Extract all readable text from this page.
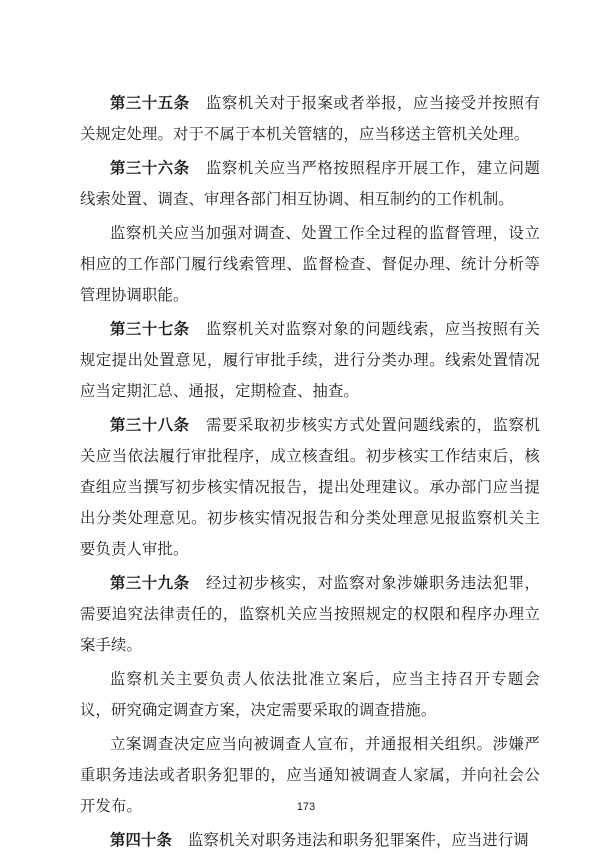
第三十五条 监察机关对于报案或者举报，应当接受并按照有关规定处理。对于不属于本机关管辖的，应当移送主管机关处理。

第三十六条 监察机关应当严格按照程序开展工作，建立问题线索处置、调查、审理各部门相互协调、相互制约的工作机制。

监察机关应当加强对调查、处置工作全过程的监督管理，设立相应的工作部门履行线索管理、监督检查、督促办理、统计分析等管理协调职能。

第三十七条 监察机关对监察对象的问题线索，应当按照有关规定提出处置意见，履行审批手续，进行分类办理。线索处置情况应当定期汇总、通报，定期检查、抽查。

第三十八条 需要采取初步核实方式处置问题线索的，监察机关应当依法履行审批程序，成立核查组。初步核实工作结束后，核查组应当撰写初步核实情况报告，提出处理建议。承办部门应当提出分类处理意见。初步核实情况报告和分类处理意见报监察机关主要负责人审批。

第三十九条 经过初步核实，对监察对象涉嫌职务违法犯罪，需要追究法律责任的，监察机关应当按照规定的权限和程序办理立案手续。

监察机关主要负责人依法批准立案后，应当主持召开专题会议，研究确定调查方案，决定需要采取的调查措施。

立案调查决定应当向被调查人宣布，并通报相关组织。涉嫌严重职务违法或者职务犯罪的，应当通知被调查人家属，并向社会公开发布。

第四十条 监察机关对职务违法和职务犯罪案件，应当进行调

173
